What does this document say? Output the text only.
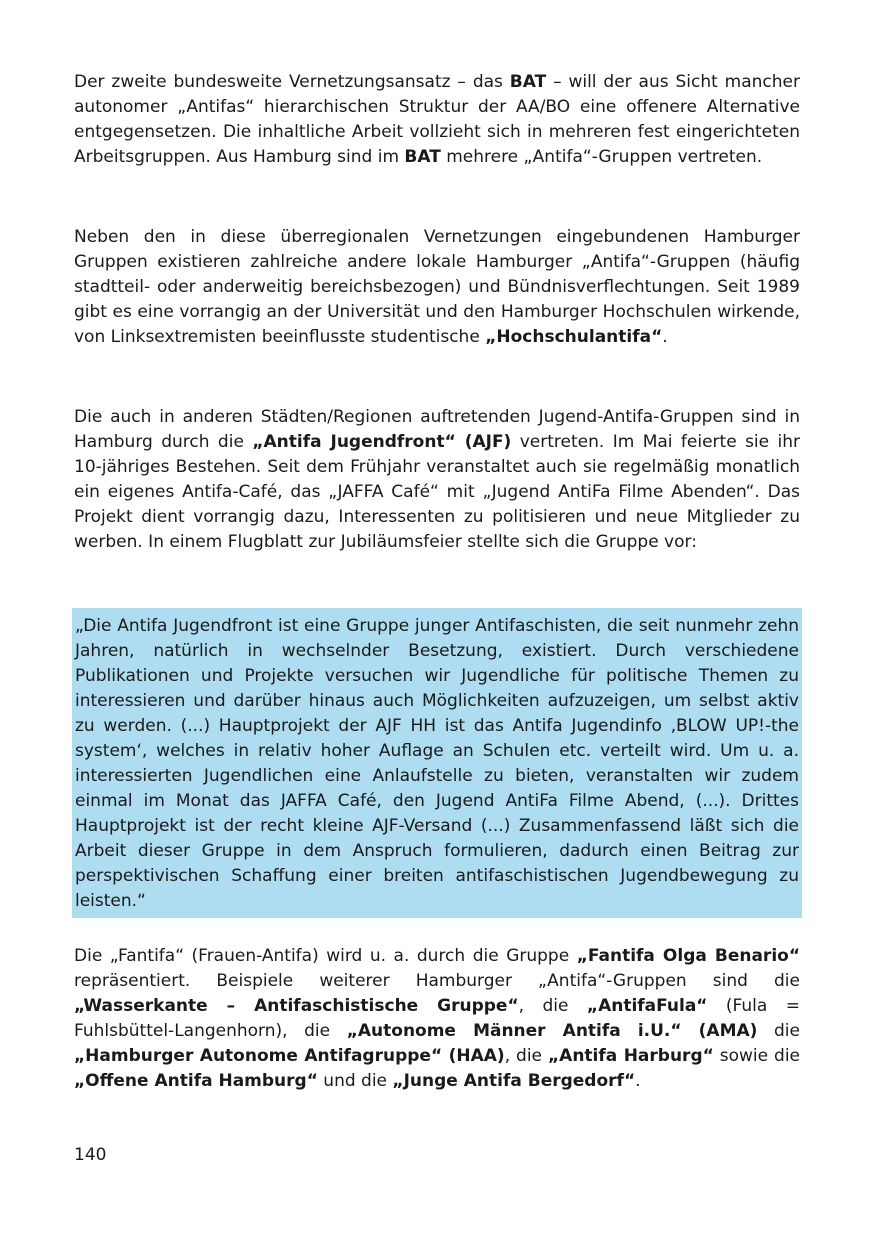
Der zweite bundesweite Vernetzungsansatz – das BAT – will der aus Sicht mancher autonomer „Antifas“ hierarchischen Struktur der AA/BO eine offenere Alternative entgegensetzen. Die inhaltliche Arbeit vollzieht sich in mehreren fest eingerichteten Arbeitsgruppen. Aus Hamburg sind im BAT mehrere „Antifa“-Gruppen vertreten.

Neben den in diese überregionalen Vernetzungen eingebundenen Hamburger Gruppen existieren zahlreiche andere lokale Hamburger „Antifa“-Gruppen (häufig stadtteil- oder anderweitig bereichsbezogen) und Bündnisverflechtungen. Seit 1989 gibt es eine vorrangig an der Universität und den Hamburger Hochschulen wirkende, von Linksextremisten beeinflusste studentische „Hochschulantifa“.

Die auch in anderen Städten/Regionen auftretenden Jugend-Antifa-Gruppen sind in Hamburg durch die „Antifa Jugendfront“ (AJF) vertreten. Im Mai feierte sie ihr 10-jähriges Bestehen. Seit dem Frühjahr veranstaltet auch sie regelmäßig monatlich ein eigenes Antifa-Café, das „JAFFA Café“ mit „Jugend AntiFa Filme Abenden“. Das Projekt dient vorrangig dazu, Interessenten zu politisieren und neue Mitglieder zu werben. In einem Flugblatt zur Jubiläumsfeier stellte sich die Gruppe vor:

„Die Antifa Jugendfront ist eine Gruppe junger Antifaschisten, die seit nunmehr zehn Jahren, natürlich in wechselnder Besetzung, existiert. Durch verschiedene Publikationen und Projekte versuchen wir Jugendliche für politische Themen zu interessieren und darüber hinaus auch Möglichkeiten aufzuzeigen, um selbst aktiv zu werden. (...) Hauptprojekt der AJF HH ist das Antifa Jugendinfo ‚BLOW UP!-the system‘, welches in relativ hoher Auflage an Schulen etc. verteilt wird. Um u. a. interessierten Jugendlichen eine Anlaufstelle zu bieten, veranstalten wir zudem einmal im Monat das JAFFA Café, den Jugend AntiFa Filme Abend, (...). Drittes Hauptprojekt ist der recht kleine AJF-Versand (...) Zusammenfassend läßt sich die Arbeit dieser Gruppe in dem Anspruch formulieren, dadurch einen Beitrag zur perspektivischen Schaffung einer breiten antifaschistischen Jugendbewegung zu leisten.“

Die „Fantifa“ (Frauen-Antifa) wird u. a. durch die Gruppe „Fantifa Olga Benario“ repräsentiert. Beispiele weiterer Hamburger „Antifa“-Gruppen sind die „Wasserkante – Antifaschistische Gruppe“, die „AntifaFula“ (Fula = Fuhlsbüttel-Langenhorn), die „Autonome Männer Antifa i.U.“ (AMA) die „Hamburger Autonome Antifagruppe“ (HAA), die „Antifa Harburg“ sowie die „Offene Antifa Hamburg“ und die „Junge Antifa Bergedorf“.

140
